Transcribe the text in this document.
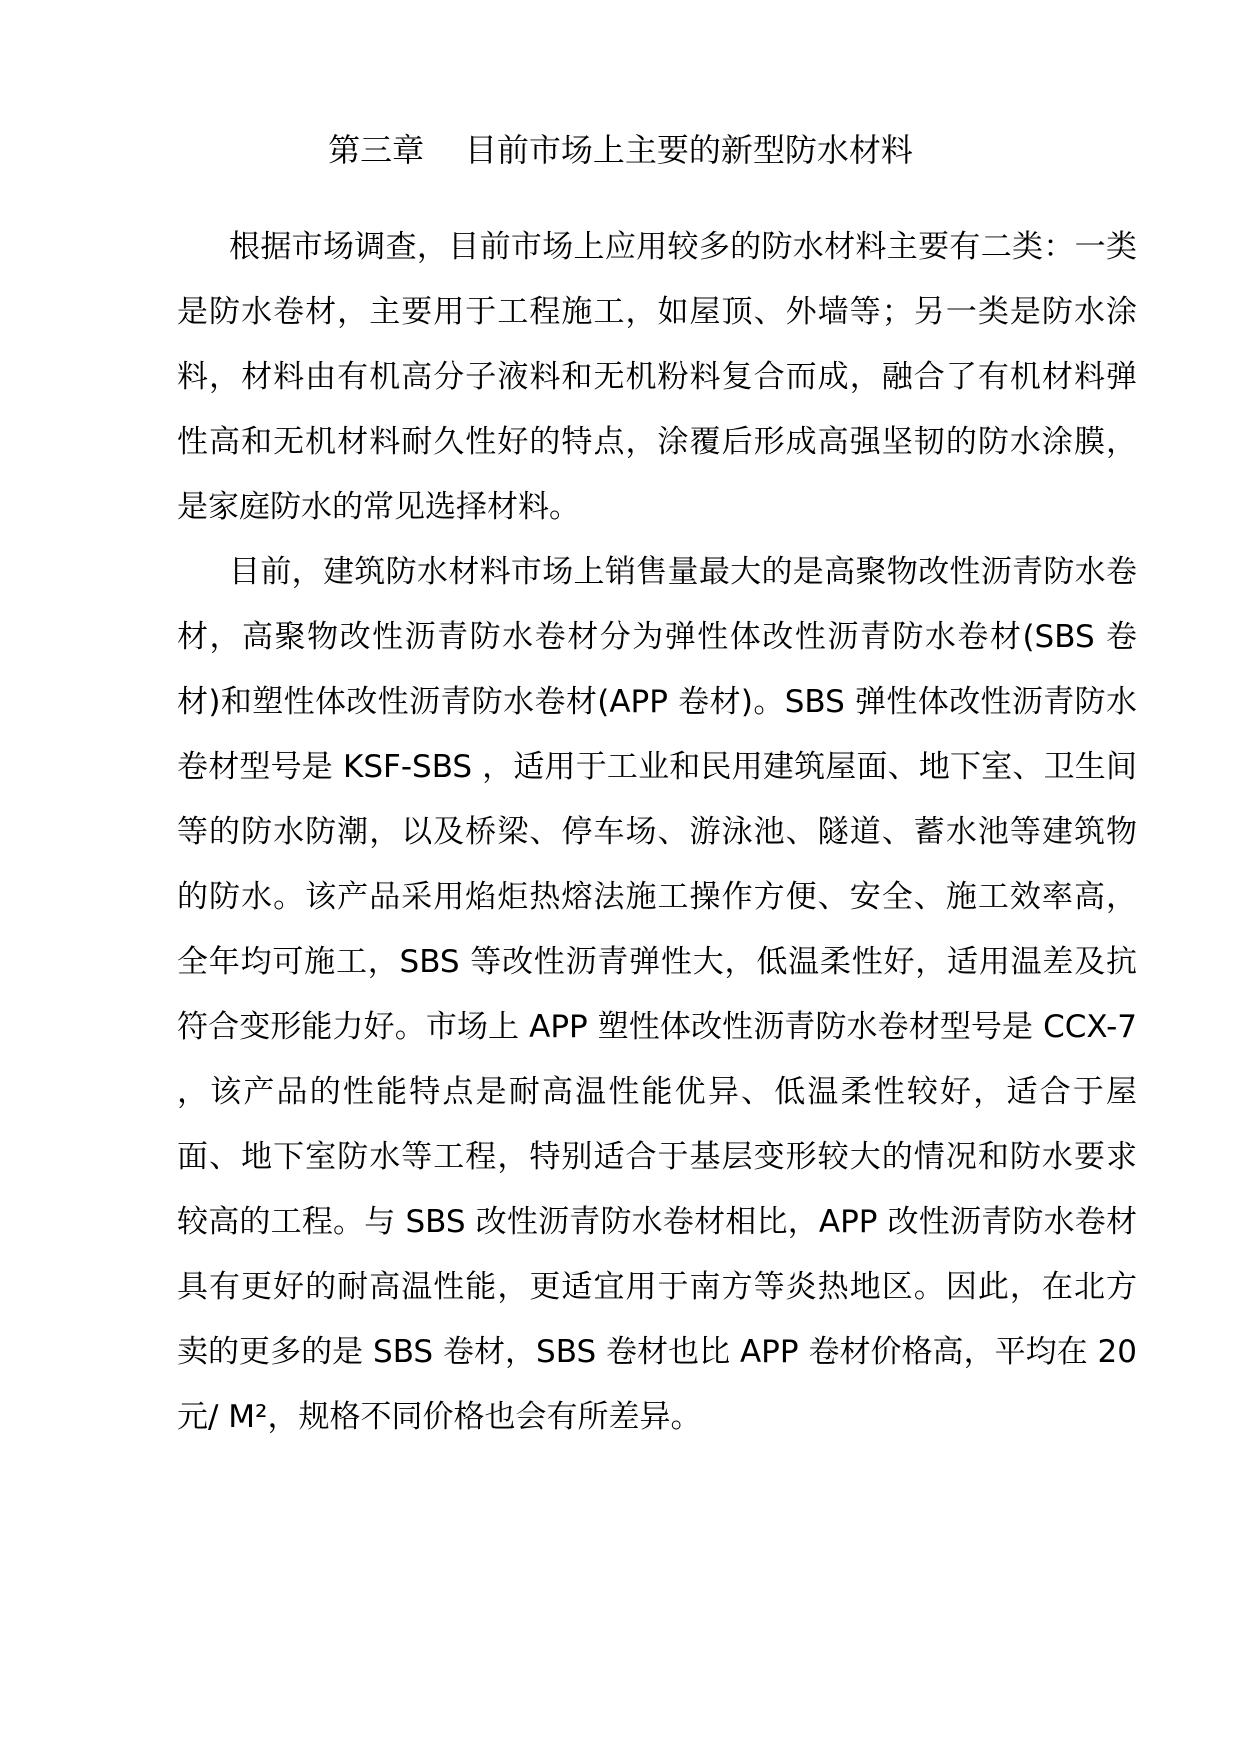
第三章    目前市场上主要的新型防水材料

根据市场调查，目前市场上应用较多的防水材料主要有二类：一类是防水卷材，主要用于工程施工，如屋顶、外墙等；另一类是防水涂料，材料由有机高分子液料和无机粉料复合而成，融合了有机材料弹性高和无机材料耐久性好的特点，涂覆后形成高强坚韧的防水涂膜，是家庭防水的常见选择材料。

目前，建筑防水材料市场上销售量最大的是高聚物改性沥青防水卷材，高聚物改性沥青防水卷材分为弹性体改性沥青防水卷材(SBS 卷材)和塑性体改性沥青防水卷材(APP 卷材)。SBS 弹性体改性沥青防水卷材型号是 KSF-SBS ，适用于工业和民用建筑屋面、地下室、卫生间等的防水防潮，以及桥梁、停车场、游泳池、隧道、蓄水池等建筑物的防水。该产品采用焰炬热熔法施工操作方便、安全、施工效率高，全年均可施工，SBS 等改性沥青弹性大，低温柔性好，适用温差及抗符合变形能力好。市场上 APP 塑性体改性沥青防水卷材型号是 CCX-7 ，该产品的性能特点是耐高温性能优异、低温柔性较好，适合于屋面、地下室防水等工程，特别适合于基层变形较大的情况和防水要求较高的工程。与 SBS 改性沥青防水卷材相比，APP 改性沥青防水卷材具有更好的耐高温性能，更适宜用于南方等炎热地区。因此，在北方卖的更多的是 SBS 卷材，SBS 卷材也比 APP 卷材价格高，平均在 20 元/ M²，规格不同价格也会有所差异。
